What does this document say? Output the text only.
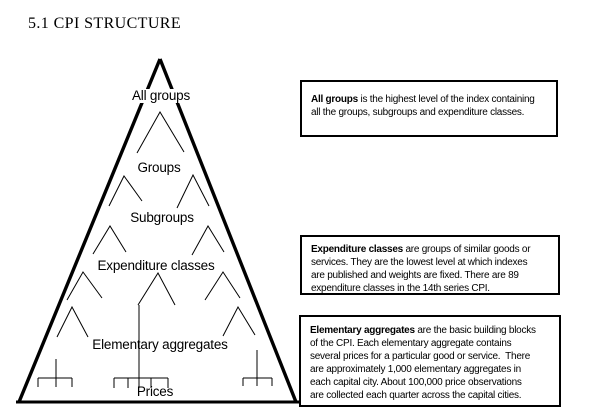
5.1 CPI STRUCTURE
All groups
Groups
Subgroups
Expenditure classes
Elementary aggregates
Prices
All groups is the highest level of the index containing
all the groups, subgroups and expenditure classes.
Expenditure classes are groups of similar goods or
services. They are the lowest level at which indexes
are published and weights are fixed. There are 89
expenditure classes in the 14th series CPI.
Elementary aggregates are the basic building blocks
of the CPI. Each elementary aggregate contains
several prices for a particular good or service.  There
are approximately 1,000 elementary aggregates in
each capital city. About 100,000 price observations
are collected each quarter across the capital cities.
